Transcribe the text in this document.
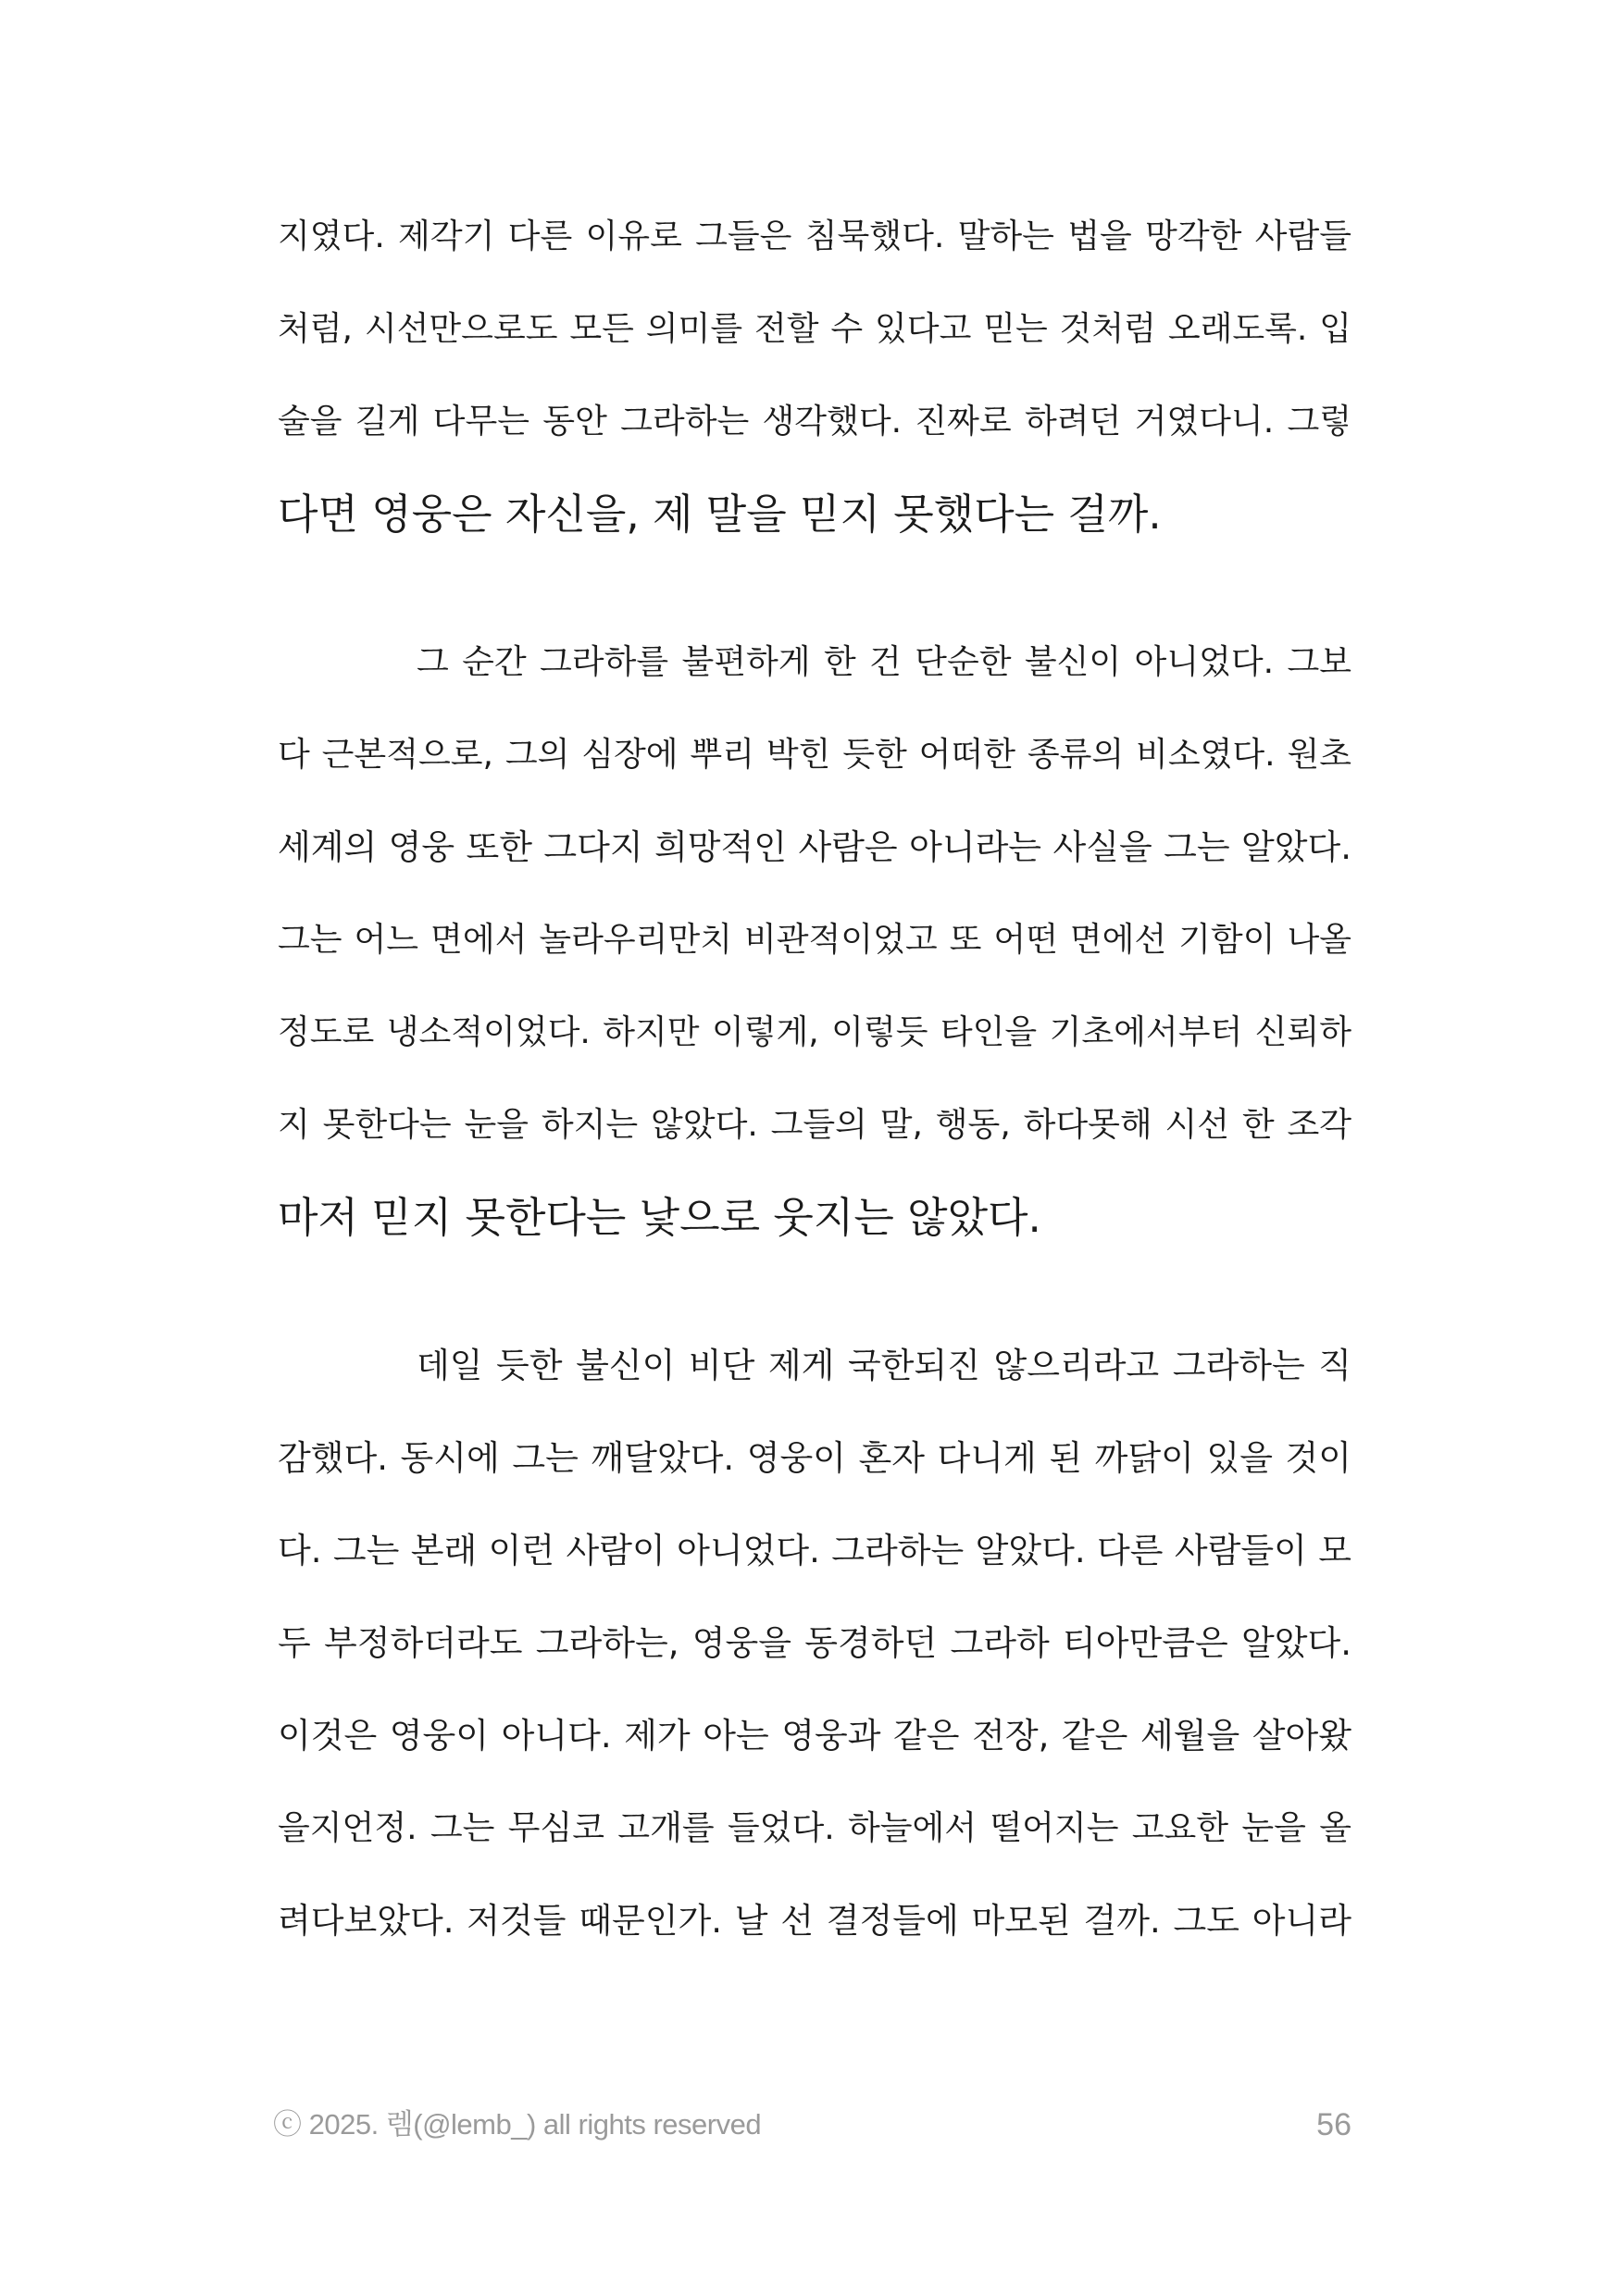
지였다. 제각기 다른 이유로 그들은 침묵했다. 말하는 법을 망각한 사람들
처럼, 시선만으로도 모든 의미를 전할 수 있다고 믿는 것처럼 오래도록. 입
술을 길게 다무는 동안 그라하는 생각했다. 진짜로 하려던 거였다니. 그렇
다면 영웅은 자신을, 제 말을 믿지 못했다는 걸까.
그 순간 그라하를 불편하게 한 건 단순한 불신이 아니었다. 그보
다 근본적으로, 그의 심장에 뿌리 박힌 듯한 어떠한 종류의 비소였다. 원초
세계의 영웅 또한 그다지 희망적인 사람은 아니라는 사실을 그는 알았다.
그는 어느 면에서 놀라우리만치 비관적이었고 또 어떤 면에선 기함이 나올
정도로 냉소적이었다. 하지만 이렇게, 이렇듯 타인을 기초에서부터 신뢰하
지 못한다는 눈을 하지는 않았다. 그들의 말, 행동, 하다못해 시선 한 조각
마저 믿지 못한다는 낯으로 웃지는 않았다.
데일 듯한 불신이 비단 제게 국한되진 않으리라고 그라하는 직
감했다. 동시에 그는 깨달았다. 영웅이 혼자 다니게 된 까닭이 있을 것이
다. 그는 본래 이런 사람이 아니었다. 그라하는 알았다. 다른 사람들이 모
두 부정하더라도 그라하는, 영웅을 동경하던 그라하 티아만큼은 알았다.
이것은 영웅이 아니다. 제가 아는 영웅과 같은 전장, 같은 세월을 살아왔
을지언정. 그는 무심코 고개를 들었다. 하늘에서 떨어지는 고요한 눈을 올
려다보았다. 저것들 때문인가. 날 선 결정들에 마모된 걸까. 그도 아니라
ⓒ 2025. 렘(@lemb_) all rights reserved	56
